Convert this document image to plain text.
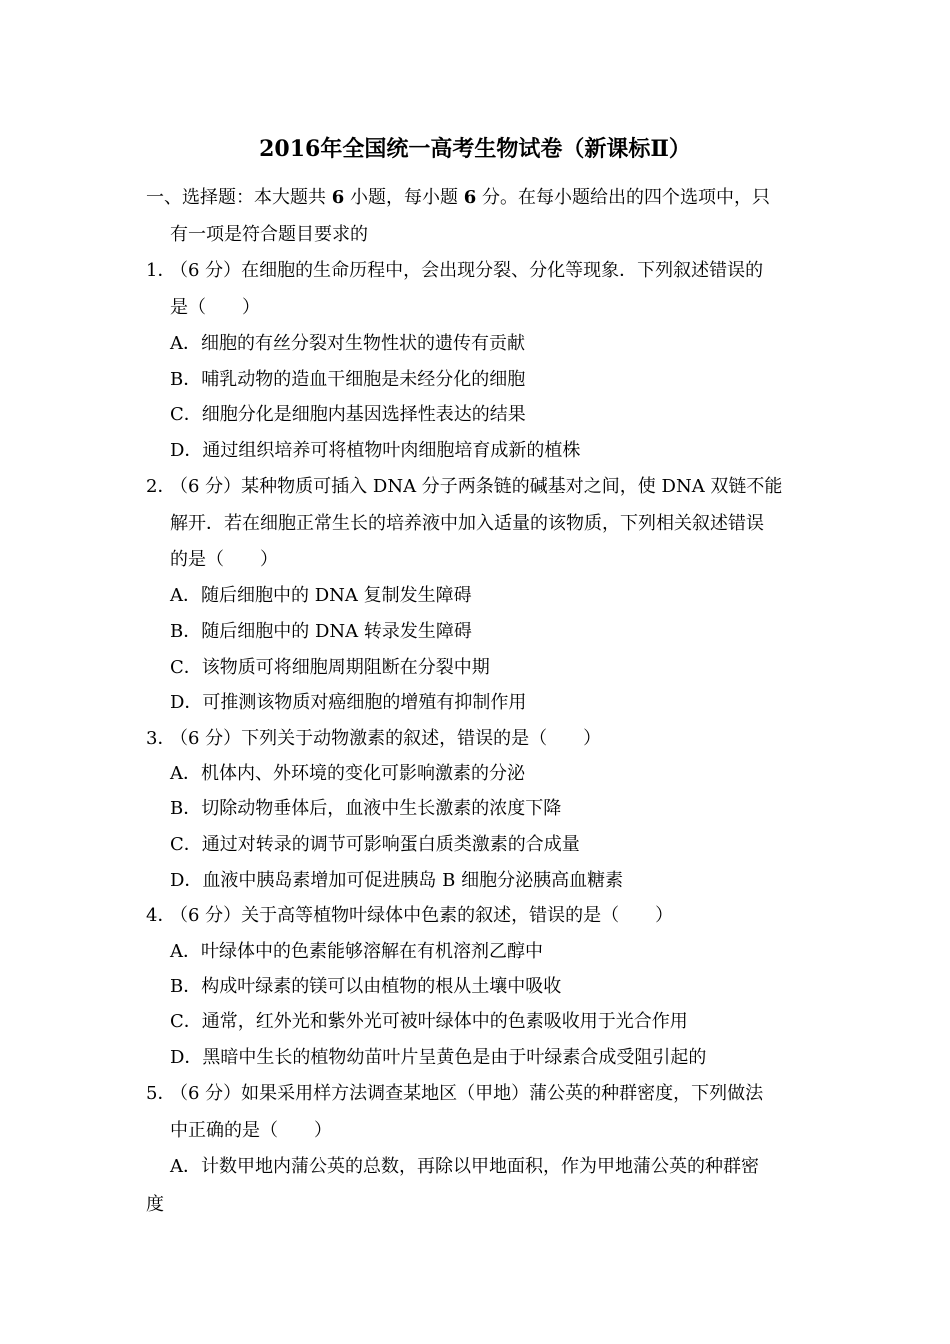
2016年全国统一高考生物试卷（新课标Ⅱ）
一、选择题：本大题共 6 小题，每小题 6 分。在每小题给出的四个选项中，只
有一项是符合题目要求的
1．
（6 分）在细胞的生命历程中，会出现分裂、分化等现象．下列叙述错误的
是（　　）
A．细胞的有丝分裂对生物性状的遗传有贡献
B．哺乳动物的造血干细胞是未经分化的细胞
C．细胞分化是细胞内基因选择性表达的结果
D．通过组织培养可将植物叶肉细胞培育成新的植株
2．
（6 分）某种物质可插入 DNA 分子两条链的碱基对之间，使 DNA 双链不能
解开．若在细胞正常生长的培养液中加入适量的该物质，下列相关叙述错误
的是（　　）
A．随后细胞中的 DNA 复制发生障碍
B．随后细胞中的 DNA 转录发生障碍
C．该物质可将细胞周期阻断在分裂中期
D．可推测该物质对癌细胞的增殖有抑制作用
3．
（6 分）下列关于动物激素的叙述，错误的是（　　）
A．机体内、外环境的变化可影响激素的分泌
B．切除动物垂体后，血液中生长激素的浓度下降
C．通过对转录的调节可影响蛋白质类激素的合成量
D．血液中胰岛素增加可促进胰岛 B 细胞分泌胰高血糖素
4．
（6 分）关于高等植物叶绿体中色素的叙述，错误的是（　　）
A．叶绿体中的色素能够溶解在有机溶剂乙醇中
B．构成叶绿素的镁可以由植物的根从土壤中吸收
C．通常，红外光和紫外光可被叶绿体中的色素吸收用于光合作用
D．黑暗中生长的植物幼苗叶片呈黄色是由于叶绿素合成受阻引起的
5．
（6 分）如果采用样方法调查某地区（甲地）蒲公英的种群密度，下列做法
中正确的是（　　）
A．计数甲地内蒲公英的总数，再除以甲地面积，作为甲地蒲公英的种群密
度
